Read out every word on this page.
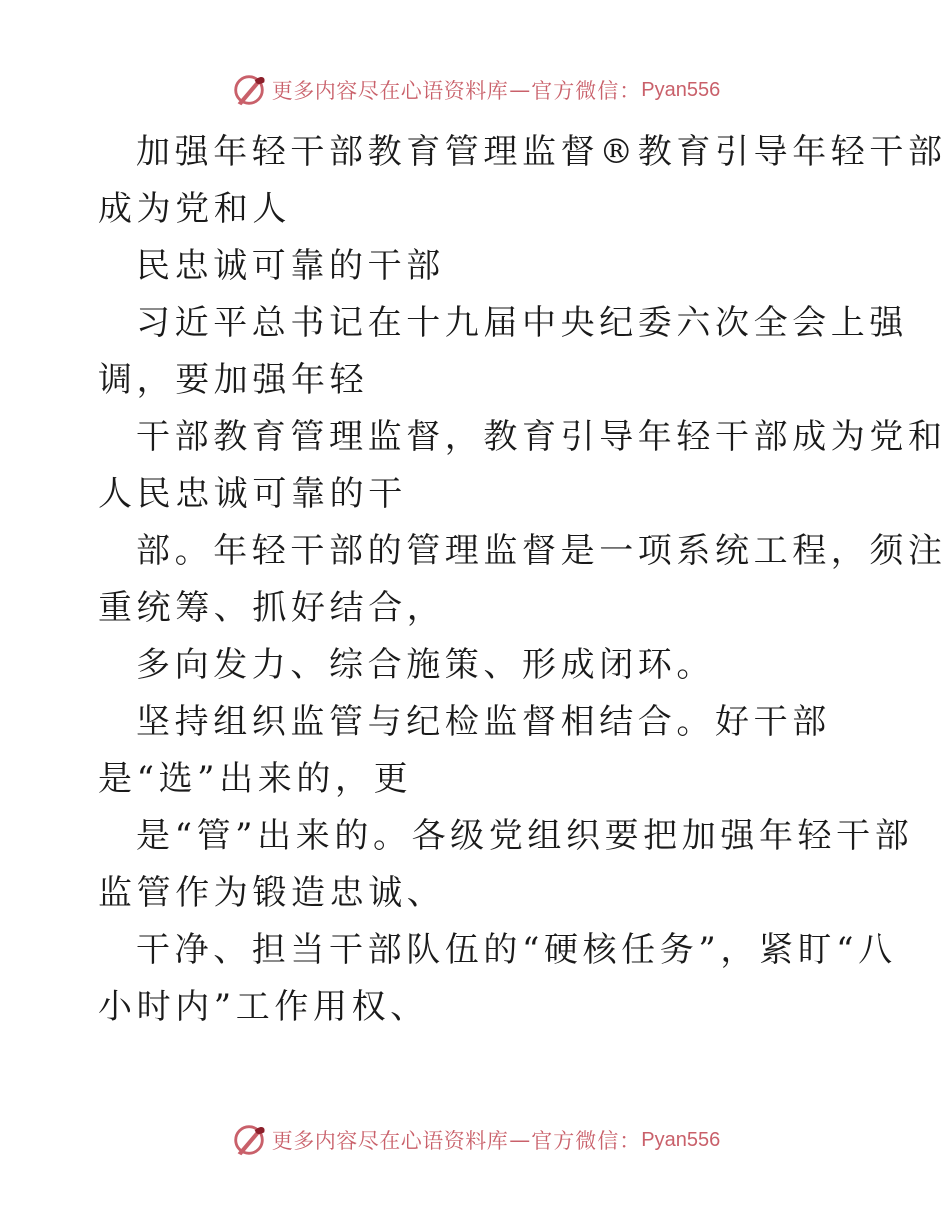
更多内容尽在心语资料库 — 官方微信： Pyan556

加强年轻干部教育管理监督®教育引导年轻干部

成为党和人

民忠诚可靠的干部

习近平总书记在十九届中央纪委六次全会上强

调，要加强年轻

干部教育管理监督，教育引导年轻干部成为党和

人民忠诚可靠的干

部。年轻干部的管理监督是一项系统工程，须注

重统筹、抓好结合，

多向发力、综合施策、形成闭环。

坚持组织监管与纪检监督相结合。好干部

是“选”出来的，更

是“管”出来的。各级党组织要把加强年轻干部

监管作为锻造忠诚、

干净、担当干部队伍的“硬核任务”，紧盯“八

小时内”工作用权、

更多内容尽在心语资料库 — 官方微信： Pyan556
